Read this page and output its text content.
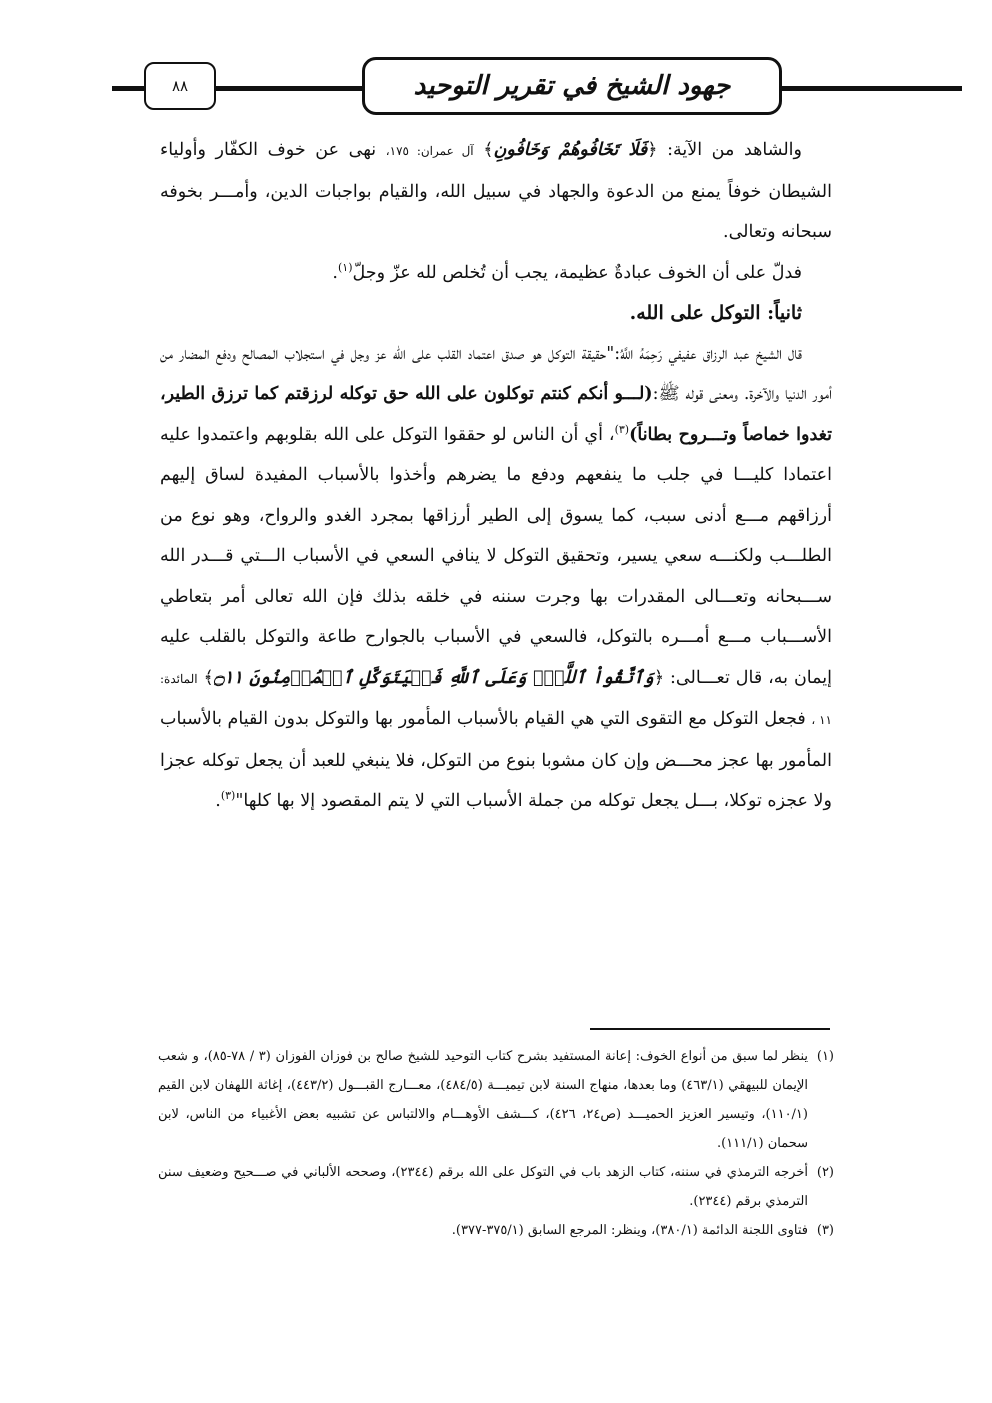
جهود الشيخ في تقرير التوحيد
٨٨

والشاهد من الآية: ﴿فَلَا تَخَافُوهُمْ وَخَافُونِ﴾ آل عمران: ١٧٥، نهى عن خوف الكفّار وأولياء الشيطان خوفاً يمنع من الدعوة والجهاد في سبيل الله، والقيام بواجبات الدين، وأمـــر بخوفه سبحانه وتعالى.

فدلّ على أن الخوف عبادةٌ عظيمة، يجب أن تُخلص لله عزّ وجلّ$^{(١)}$.

ثانياً: التوكل على الله.

قال الشيخ عبد الرزاق عفيفي رَحِمَهُ اللَّهُ:"حقيقة التوكل هو صدق اعتماد القلب على الله عز وجل في استجلاب المصالح ودفع المضار من أمور الدنيا والآخرة. ومعنى قوله ﷺ:(لـــو أنكم كنتم توكلون على الله حق توكله لرزقتم كما ترزق الطير، تغدوا خماصاً وتـــروح بطاناً)$^{(٣)}$، أي أن الناس لو حققوا التوكل على الله بقلوبهم واعتمدوا عليه اعتمادا كليـــا في جلب ما ينفعهم ودفع ما يضرهم وأخذوا بالأسباب المفيدة لساق إليهم أرزاقهم مـــع أدنى سبب، كما يسوق إلى الطير أرزاقها بمجرد الغدو والرواح، وهو نوع من الطلـــب ولكنـــه سعي يسير، وتحقيق التوكل لا ينافي السعي في الأسباب الـــتي قـــدر الله ســـبحانه وتعـــالى المقدرات بها وجرت سننه في خلقه بذلك فإن الله تعالى أمر بتعاطي الأســـباب مـــع أمـــره بالتوكل، فالسعي في الأسباب بالجوارح طاعة والتوكل بالقلب عليه إيمان به، قال تعـــالى: ﴿وَٱتَّقُواْ ٱللَّهَۚ وَعَلَى ٱللَّهِ فَلۡيَتَوَكَّلِ ٱلۡمُؤۡمِنُونَ ۝١١﴾ المائدة: ١١ ، فجعل التوكل مع التقوى التي هي القيام بالأسباب المأمور بها والتوكل بدون القيام بالأسباب المأمور بها عجز محـــض وإن كان مشوبا بنوع من التوكل، فلا ينبغي للعبد أن يجعل توكله عجزا ولا عجزه توكلا، بـــل يجعل توكله من جملة الأسباب التي لا يتم المقصود إلا بها كلها"$^{(٣)}$.

(١)
ينظر لما سبق من أنواع الخوف: إعانة المستفيد بشرح كتاب التوحيد للشيخ صالح بن فوزان الفوزان (٣ / ٧٨-٨٥)، و شعب الإيمان للبيهقي (٤٦٣/١) وما بعدها، منهاج السنة لابن تيميـــة (٤٨٤/٥)، معـــارج القبـــول (٤٤٣/٢)، إغاثة اللهفان لابن القيم (١١٠/١)، وتيسير العزيز الحميـــد (ص٢٤، ٤٢٦)، كـــشف الأوهـــام والالتباس عن تشبيه بعض الأغبياء من الناس، لابن سحمان (١١١/١).
(٢)
أخرجه الترمذي في سننه، كتاب الزهد باب في التوكل على الله برقم (٢٣٤٤)، وصححه الألباني في صـــحيح وضعيف سنن الترمذي برقم (٢٣٤٤).
(٣)
فتاوى اللجنة الدائمة (٣٨٠/١)، وينظر: المرجع السابق (٣٧٥/١-٣٧٧).
